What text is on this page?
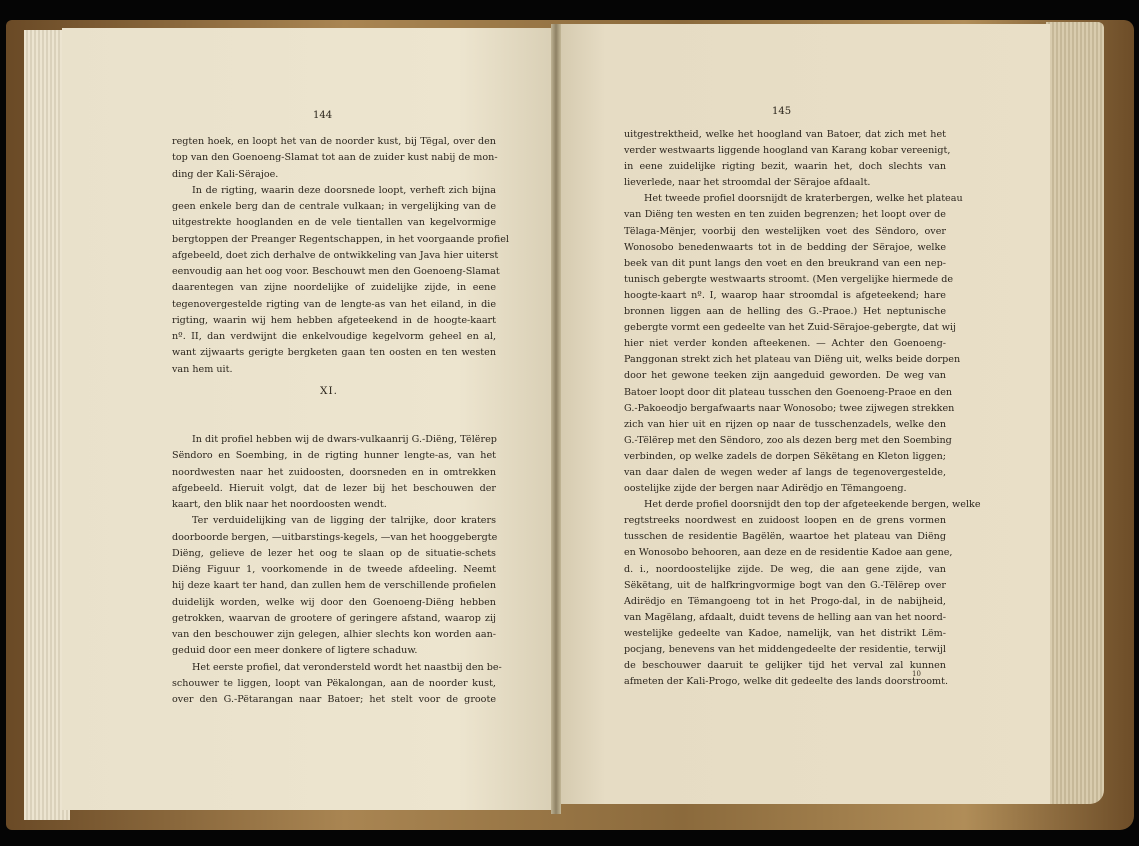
144	145

regten hoek, en loopt het van de noorder kust, bij Tëgal, over den
top van den Goenoeng-Slamat tot aan de zuider kust nabij de mon-
ding der Kali-Sërajoe.

In de rigting, waarin deze doorsnede loopt, verheft zich bijna
geen enkele berg dan de centrale vulkaan; in vergelijking van de
uitgestrekte hooglanden en de vele tientallen van kegelvormige
bergtoppen der Preanger Regentschappen, in het voorgaande profiel
afgebeeld, doet zich derhalve de ontwikkeling van Java hier uiterst
eenvoudig aan het oog voor. Beschouwt men den Goenoeng-Slamat
daarentegen van zijne noordelijke of zuidelijke zijde, in eene
tegenovergestelde rigting van de lengte-as van het eiland, in die
rigting, waarin wij hem hebben afgeteekend in de hoogte-kaart
nº. II, dan verdwijnt die enkelvoudige kegelvorm geheel en al,
want zijwaarts gerigte bergketen gaan ten oosten en ten westen
van hem uit.

XI.

In dit profiel hebben wij de dwars-vulkaanrij G.-Diëng, Tëlërep
Sëndoro en Soembing, in de rigting hunner lengte-as, van het
noordwesten naar het zuidoosten, doorsneden en in omtrekken
afgebeeld. Hieruit volgt, dat de lezer bij het beschouwen der
kaart, den blik naar het noordoosten wendt.

Ter verduidelijking van de ligging der talrijke, door kraters
doorboorde bergen, —uitbarstings-kegels, —van het hooggebergte
Diëng, gelieve de lezer het oog te slaan op de situatie-schets
Diëng Figuur 1, voorkomende in de tweede afdeeling. Neemt
hij deze kaart ter hand, dan zullen hem de verschillende profielen
duidelijk worden, welke wij door den Goenoeng-Diëng hebben
getrokken, waarvan de grootere of geringere afstand, waarop zij
van den beschouwer zijn gelegen, alhier slechts kon worden aan-
geduid door een meer donkere of ligtere schaduw.

Het eerste profiel, dat verondersteld wordt het naastbij den be-
schouwer te liggen, loopt van Pëkalongan, aan de noorder kust,
over den G.-Pëtarangan naar Batoer; het stelt voor de groote

uitgestrektheid, welke het hoogland van Batoer, dat zich met het
verder westwaarts liggende hoogland van Karang kobar vereenigt,
in eene zuidelijke rigting bezit, waarin het, doch slechts van
lieverlede, naar het stroomdal der Sërajoe afdaalt.

Het tweede profiel doorsnijdt de kraterbergen, welke het plateau
van Diëng ten westen en ten zuiden begrenzen; het loopt over de
Tëlaga-Mënjer, voorbij den westelijken voet des Sëndoro, over
Wonosobo benedenwaarts tot in de bedding der Sërajoe, welke
beek van dit punt langs den voet en den breukrand van een nep-
tunisch gebergte westwaarts stroomt. (Men vergelijke hiermede de
hoogte-kaart nº. I, waarop haar stroomdal is afgeteekend; hare
bronnen liggen aan de helling des G.-Praoe.) Het neptunische
gebergte vormt een gedeelte van het Zuid-Sërajoe-gebergte, dat wij
hier niet verder konden afteekenen. — Achter den Goenoeng-
Panggonan strekt zich het plateau van Diëng uit, welks beide dorpen
door het gewone teeken zijn aangeduid geworden. De weg van
Batoer loopt door dit plateau tusschen den Goenoeng-Praoe en den
G.-Pakoeodjo bergafwaarts naar Wonosobo; twee zijwegen strekken
zich van hier uit en rijzen op naar de tusschenzadels, welke den
G.-Tëlërep met den Sëndoro, zoo als dezen berg met den Soembing
verbinden, op welke zadels de dorpen Sëkëtang en Kleton liggen;
van daar dalen de wegen weder af langs de tegenovergestelde,
oostelijke zijde der bergen naar Adirëdjo en Tëmangoeng.

Het derde profiel doorsnijdt den top der afgeteekende bergen, welke
regtstreeks noordwest en zuidoost loopen en de grens vormen
tusschen de residentie Bagëlën, waartoe het plateau van Diëng
en Wonosobo behooren, aan deze en de residentie Kadoe aan gene,
d. i., noordoostelijke zijde. De weg, die aan gene zijde, van
Sëkëtang, uit de halfkringvormige bogt van den G.-Tëlërep over
Adirëdjo en Tëmangoeng tot in het Progo-dal, in de nabijheid,
van Magëlang, afdaalt, duidt tevens de helling aan van het noord-
westelijke gedeelte van Kadoe, namelijk, van het distrikt Lëm-
pocjang, benevens van het middengedeelte der residentie, terwijl
de beschouwer daaruit te gelijker tijd het verval zal kunnen
afmeten der Kali-Progo, welke dit gedeelte des lands doorstroomt.

10
